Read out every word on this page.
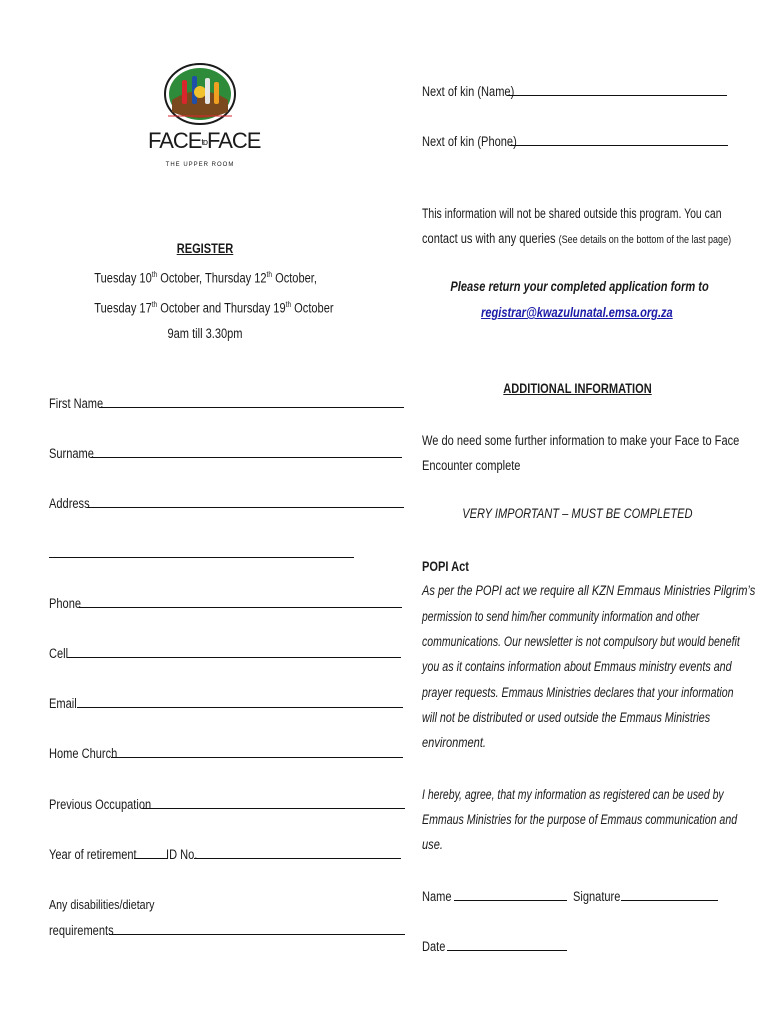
FACEtoFACE
THE UPPER ROOM
REGISTER
Tuesday 10th October, Thursday 12th October,
Tuesday 17th October and Thursday 19th October
9am till 3.30pm
First Name
Surname
Address
Phone
Cell
Email
Home Church
Previous Occupation
Year of retirement ID No.
Any disabilities/dietary
requirements
Next of kin (Name)
Next of kin (Phone)
This information will not be shared outside this program. You can
contact us with any queries (See details on the bottom of the last page)
Please return your completed application form to
registrar@kwazulunatal.emsa.org.za
ADDITIONAL INFORMATION
We do need some further information to make your Face to Face
Encounter complete
VERY IMPORTANT – MUST BE COMPLETED
POPI Act
As per the POPI act we require all KZN Emmaus Ministries Pilgrim’s
permission to send him/her community information and other
communications. Our newsletter is not compulsory but would benefit
you as it contains information about Emmaus ministry events and
prayer requests. Emmaus Ministries declares that your information
will not be distributed or used outside the Emmaus Ministries
environment.
I hereby, agree, that my information as registered can be used by
Emmaus Ministries for the purpose of Emmaus communication and
use.
Name	Signature
Date
